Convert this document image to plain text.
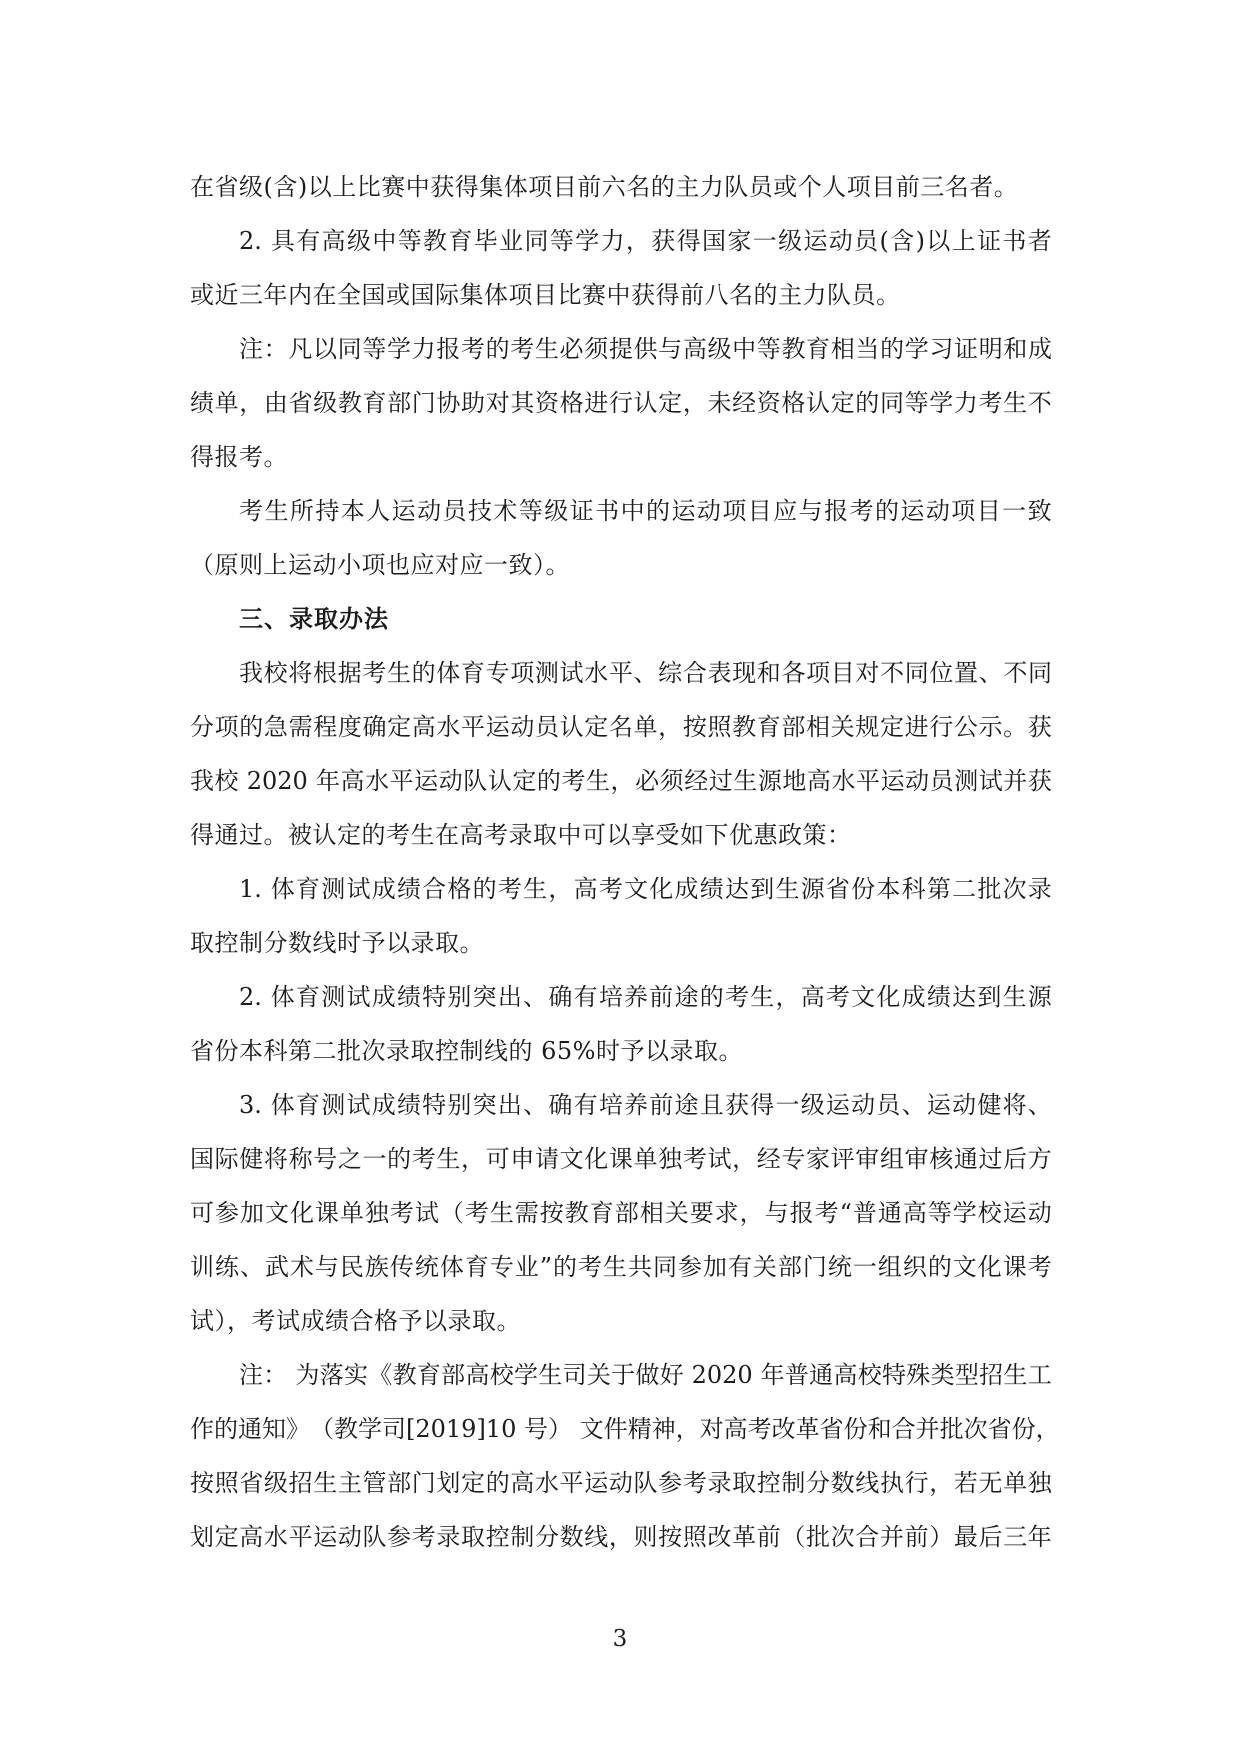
在省级(含)以上比赛中获得集体项目前六名的主力队员或个人项目前三名者。
2. 具 有 高 级 中 等 教 育 毕 业 同 等 学 力 ， 获 得 国 家 一 级 运 动 员 ( 含 ) 以 上 证 书 者
或近三年内在全国或国际集体项目比赛中获得前八名的主力队员。
注 ： 凡 以 同 等 学 力 报 考 的 考 生 必 须 提 供 与 高 级 中 等 教 育 相 当 的 学 习 证 明 和 成
绩 单 ， 由 省 级 教 育 部 门 协 助 对 其 资 格 进 行 认 定 ， 未 经 资 格 认 定 的 同 等 学 力 考 生 不
得报考。
考 生 所 持 本 人 运 动 员 技 术 等 级 证 书 中 的 运 动 项 目 应 与 报 考 的 运 动 项 目 一 致
（原则上运动小项也应对应一致）。
三、录取办法
我 校 将 根 据 考 生 的 体 育 专 项 测 试 水 平 、 综 合 表 现 和 各 项 目 对 不 同 位 置 、 不 同
分 项 的 急 需 程 度 确 定 高 水 平 运 动 员 认 定 名 单 ， 按 照 教 育 部 相 关 规 定 进 行 公 示 。 获
我 校 2020 年 高 水 平 运 动 队 认 定 的 考 生 ， 必 须 经 过 生 源 地 高 水 平 运 动 员 测 试 并 获
得通过。被认定的考生在高考录取中可以享受如下优惠政策：
1. 体 育 测 试 成 绩 合 格 的 考 生 ， 高 考 文 化 成 绩 达 到 生 源 省 份 本 科 第 二 批 次 录
取控制分数线时予以录取。
2. 体 育 测 试 成 绩 特 别 突 出 、 确 有 培 养 前 途 的 考 生 ， 高 考 文 化 成 绩 达 到 生 源
省份本科第二批次录取控制线的 65%时予以录取。
3. 体 育 测 试 成 绩 特 别 突 出 、 确 有 培 养 前 途 且 获 得 一 级 运 动 员 、 运 动 健 将 、
国 际 健 将 称 号 之 一 的 考 生 ， 可 申 请 文 化 课 单 独 考 试 ， 经 专 家 评 审 组 审 核 通 过 后 方
可 参 加 文 化 课 单 独 考 试 （ 考 生 需 按 教 育 部 相 关 要 求 ， 与 报 考 “ 普 通 高 等 学 校 运 动
训 练 、 武 术 与 民 族 传 统 体 育 专 业 ” 的 考 生 共 同 参 加 有 关 部 门 统 一 组 织 的 文 化 课 考
试），考试成绩合格予以录取。
注 ：
为 落 实 《 教 育 部 高 校 学 生 司 关 于 做 好 2020 年 普 通 高 校 特 殊 类 型 招 生 工
作 的 通 知 》 （ 教 学 司 [2019]10 号 ）
文 件 精 神 ， 对 高 考 改 革 省 份 和 合 并 批 次 省 份 ，
按 照 省 级 招 生 主 管 部 门 划 定 的 高 水 平 运 动 队 参 考 录 取 控 制 分 数 线 执 行 ， 若 无 单 独
划 定 高 水 平 运 动 队 参 考 录 取 控 制 分 数 线 ， 则 按 照 改 革 前 （ 批 次 合 并 前 ） 最 后 三 年
3
